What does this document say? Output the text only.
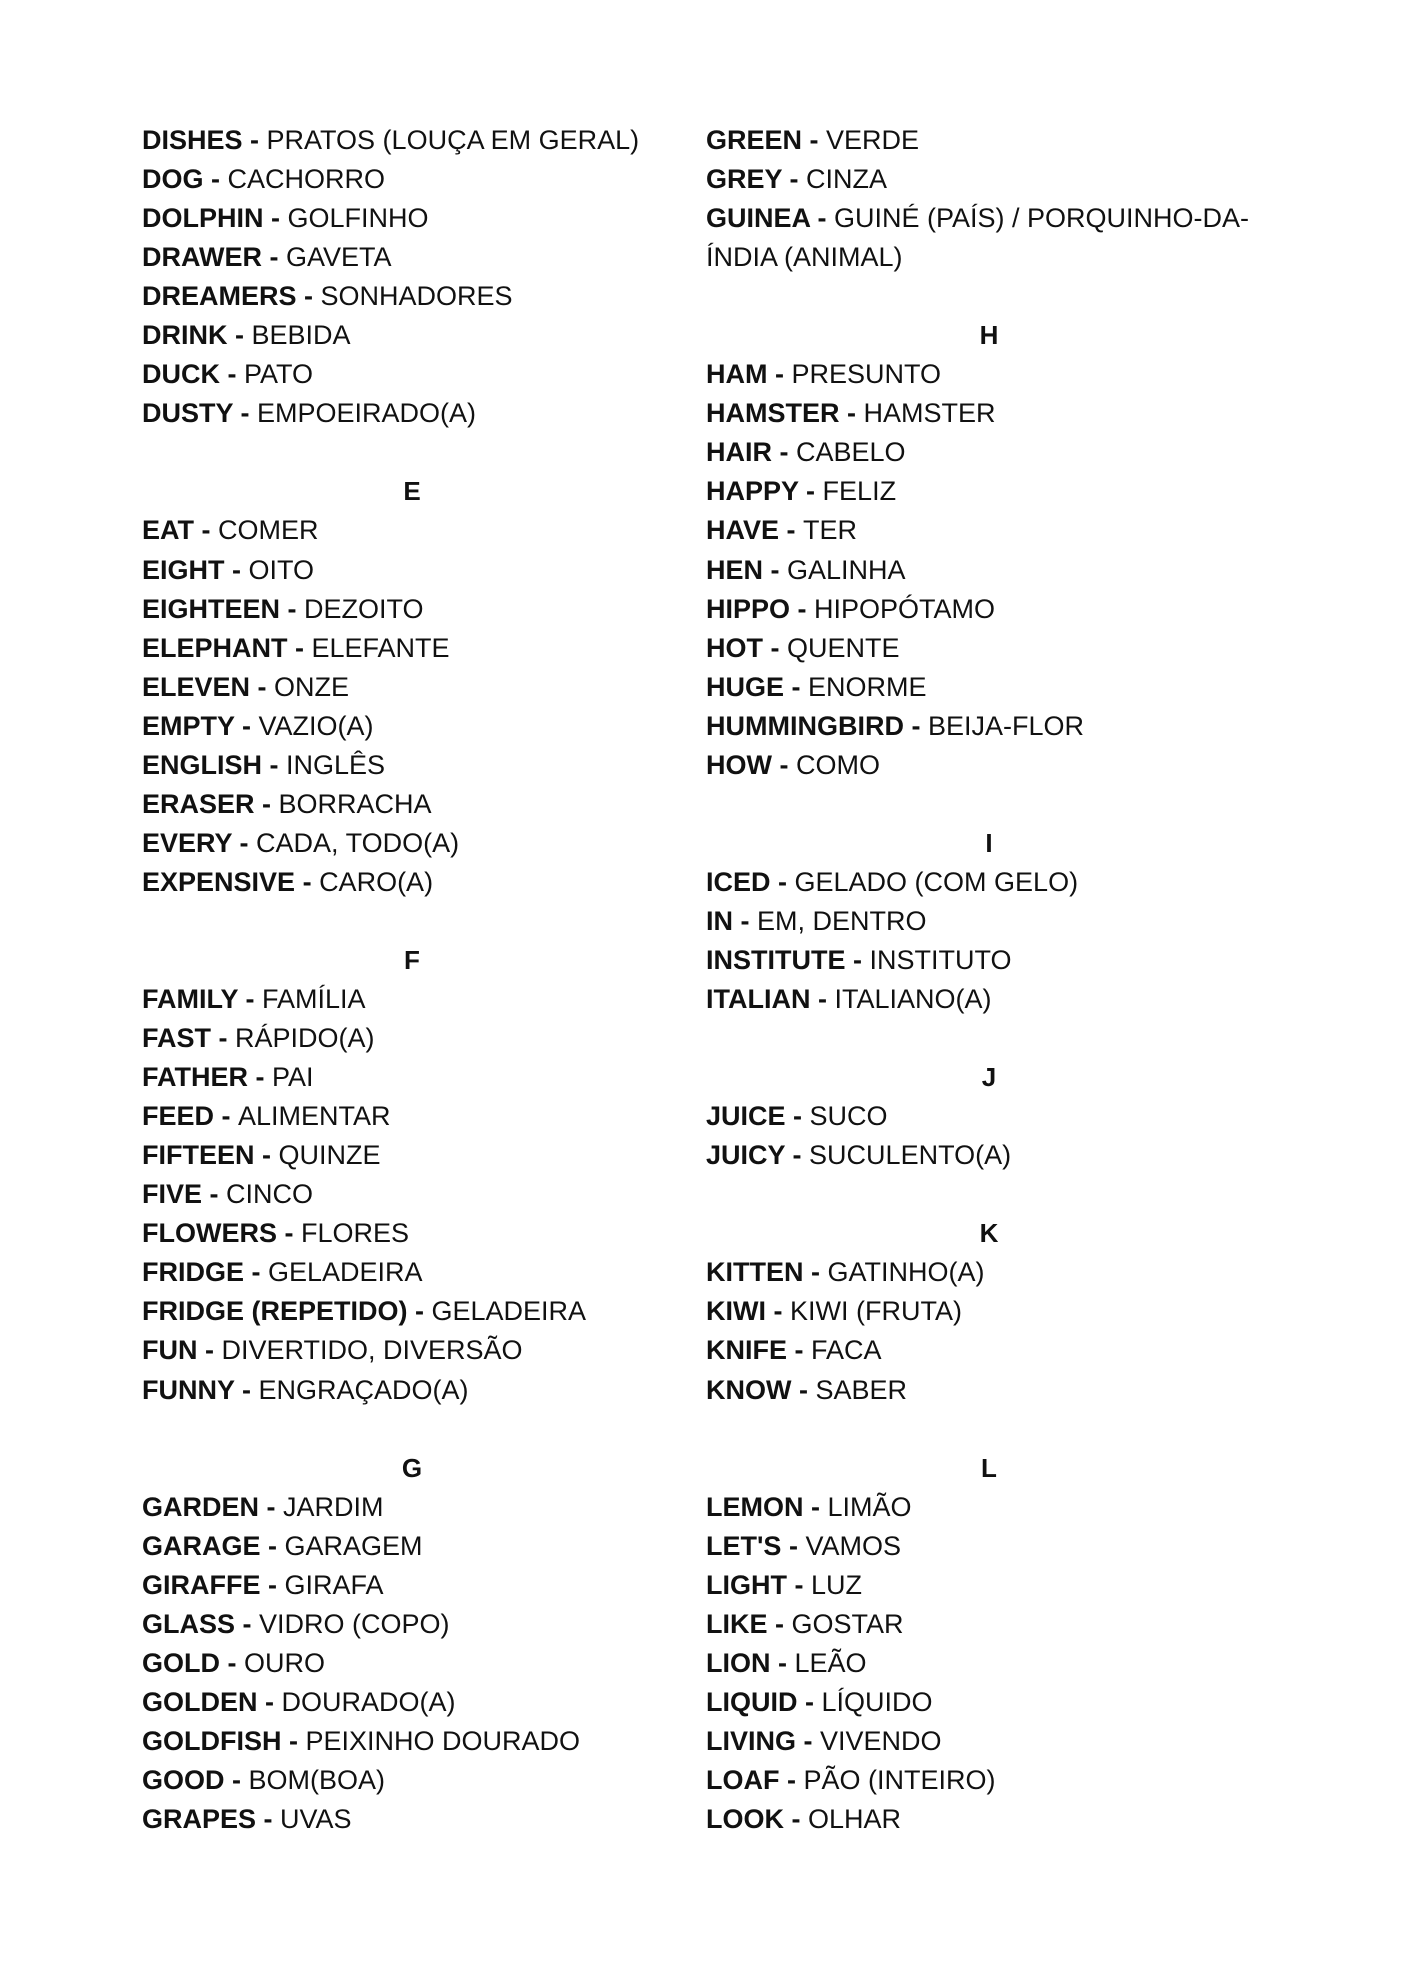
DISHES - PRATOS (LOUÇA EM GERAL)
DOG - CACHORRO
DOLPHIN - GOLFINHO
DRAWER - GAVETA
DREAMERS - SONHADORES
DRINK - BEBIDA
DUCK - PATO
DUSTY - EMPOEIRADO(A)
E
EAT - COMER
EIGHT - OITO
EIGHTEEN - DEZOITO
ELEPHANT - ELEFANTE
ELEVEN - ONZE
EMPTY - VAZIO(A)
ENGLISH - INGLÊS
ERASER - BORRACHA
EVERY - CADA, TODO(A)
EXPENSIVE - CARO(A)
F
FAMILY - FAMÍLIA
FAST - RÁPIDO(A)
FATHER - PAI
FEED - ALIMENTAR
FIFTEEN - QUINZE
FIVE - CINCO
FLOWERS - FLORES
FRIDGE - GELADEIRA
FRIDGE (REPETIDO) - GELADEIRA
FUN - DIVERTIDO, DIVERSÃO
FUNNY - ENGRAÇADO(A)
G
GARDEN - JARDIM
GARAGE - GARAGEM
GIRAFFE - GIRAFA
GLASS - VIDRO (COPO)
GOLD - OURO
GOLDEN - DOURADO(A)
GOLDFISH - PEIXINHO DOURADO
GOOD - BOM(BOA)
GRAPES - UVAS
GREEN - VERDE
GREY - CINZA
GUINEA - GUINÉ (PAÍS) / PORQUINHO-DA-
ÍNDIA (ANIMAL)
H
HAM - PRESUNTO
HAMSTER - HAMSTER
HAIR - CABELO
HAPPY - FELIZ
HAVE - TER
HEN - GALINHA
HIPPO - HIPOPÓTAMO
HOT - QUENTE
HUGE - ENORME
HUMMINGBIRD - BEIJA-FLOR
HOW - COMO
I
ICED - GELADO (COM GELO)
IN - EM, DENTRO
INSTITUTE - INSTITUTO
ITALIAN - ITALIANO(A)
J
JUICE - SUCO
JUICY - SUCULENTO(A)
K
KITTEN - GATINHO(A)
KIWI - KIWI (FRUTA)
KNIFE - FACA
KNOW - SABER
L
LEMON - LIMÃO
LET'S - VAMOS
LIGHT - LUZ
LIKE - GOSTAR
LION - LEÃO
LIQUID - LÍQUIDO
LIVING - VIVENDO
LOAF - PÃO (INTEIRO)
LOOK - OLHAR
